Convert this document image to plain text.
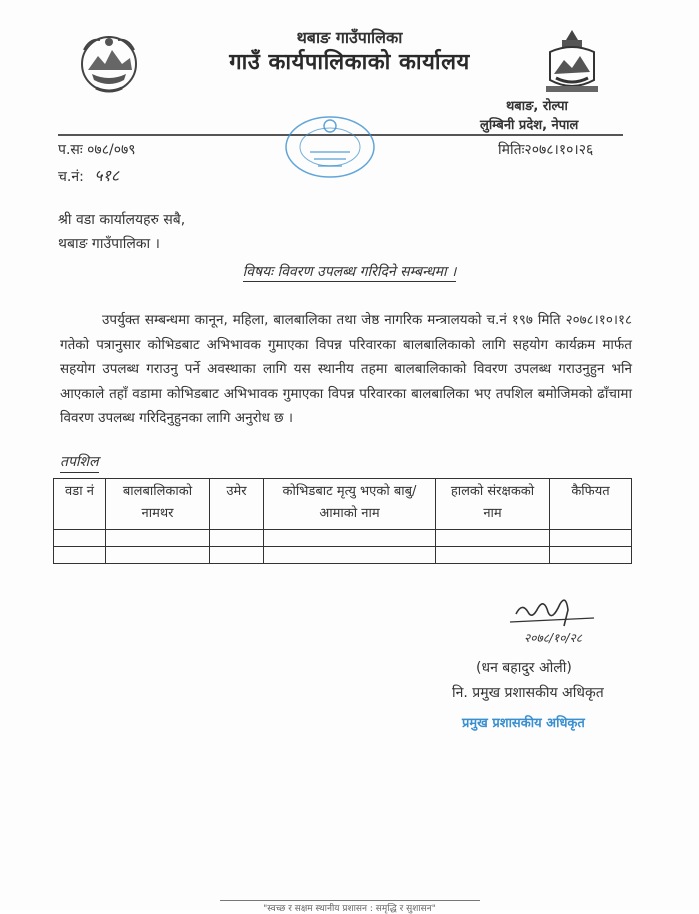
थबाङ गाउँपालिका
गाउँ कार्यपालिकाको कार्यालय
थबाङ, रोल्पा
लुम्बिनी प्रदेश, नेपाल
प.सः ०७८/०७९
च.नं: ५१८
मितिः२०७८।१०।२६
श्री वडा कार्यालयहरु सबै,
थबाङ गाउँपालिका ।
विषयः विवरण उपलब्ध गरिदिने सम्बन्धमा ।
उपर्युक्त सम्बन्धमा कानून, महिला, बालबालिका तथा जेष्ठ नागरिक मन्त्रालयको च.नं १९७ मिति २०७८।१०।१८ गतेको पत्रानुसार कोभिडबाट अभिभावक गुमाएका विपन्न परिवारका बालबालिकाको लागि सहयोग कार्यक्रम मार्फत सहयोग उपलब्ध गराउनु पर्ने अवस्थाका लागि यस स्थानीय तहमा बालबालिकाको विवरण उपलब्ध गराउनुहुन भनि आएकाले तहाँ वडामा कोभिडबाट अभिभावक गुमाएका विपन्न परिवारका बालबालिका भए तपशिल बमोजिमको ढाँचामा विवरण उपलब्ध गरिदिनुहुनका लागि अनुरोध छ ।
तपशिल
वडा नं	बालबालिकाको नामथर	उमेर	कोभिडबाट मृत्यु भएको बाबु/आमाको नाम	हालको संरक्षकको नाम	कैफियत

२०७८/१०/२८
(धन बहादुर ओली)
नि. प्रमुख प्रशासकीय अधिकृत
प्रमुख प्रशासकीय अधिकृत
"स्वच्छ र सक्षम स्थानीय प्रशासन : समृद्धि र सुशासन"
